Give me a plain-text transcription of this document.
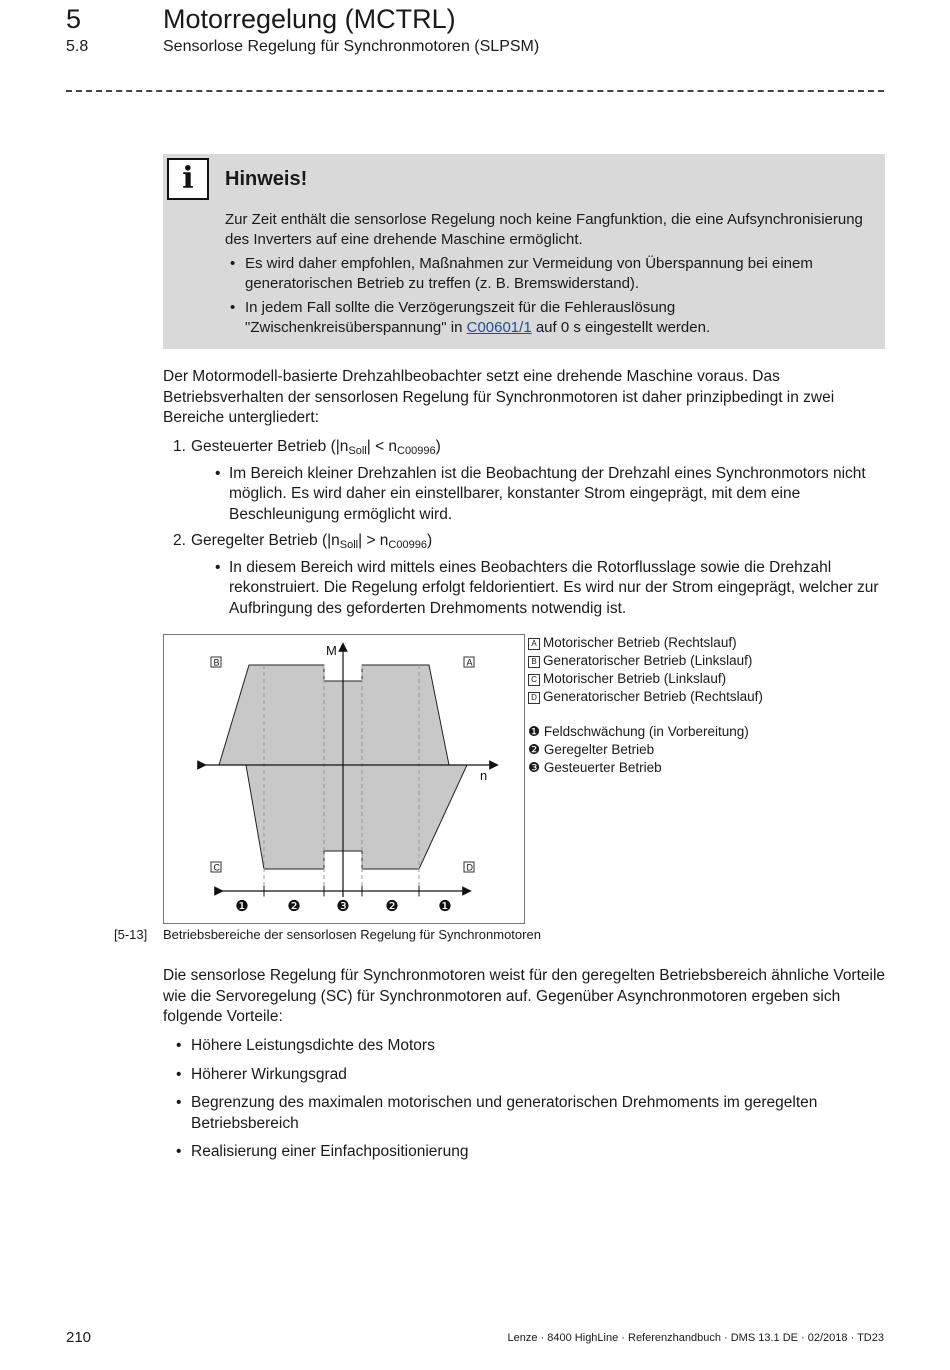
5	Motorregelung (MCTRL)
5.8	Sensorlose Regelung für Synchronmotoren (SLPSM)
i	Hinweis!

Zur Zeit enthält die sensorlose Regelung noch keine Fangfunktion, die eine Aufsynchronisierung des Inverters auf eine drehende Maschine ermöglicht.

• Es wird daher empfohlen, Maßnahmen zur Vermeidung von Überspannung bei einem generatorischen Betrieb zu treffen (z. B. Bremswiderstand).
• In jedem Fall sollte die Verzögerungszeit für die Fehlerauslösung "Zwischenkreisüberspannung" in C00601/1 auf 0 s eingestellt werden.
Der Motormodell-basierte Drehzahlbeobachter setzt eine drehende Maschine voraus. Das Betriebsverhalten der sensorlosen Regelung für Synchronmotoren ist daher prinzipbedingt in zwei Bereiche untergliedert:
1. Gesteuerter Betrieb $(|n_{Soll}| < n_{C00996})$
• Im Bereich kleiner Drehzahlen ist die Beobachtung der Drehzahl eines Synchronmotors nicht möglich. Es wird daher ein einstellbarer, konstanter Strom eingeprägt, mit dem eine Beschleunigung ermöglicht wird.
2. Geregelter Betrieb $(|n_{Soll}| > n_{C00996})$
• In diesem Bereich wird mittels eines Beobachters die Rotorflusslage sowie die Drehzahl rekonstruiert. Die Regelung erfolgt feldorientiert. Es wird nur der Strom eingeprägt, welcher zur Aufbringung des geforderten Drehmoments notwendig ist.
M
n
B	A
C	D
❶	❷ ❸ ❷	❶
A Motorischer Betrieb (Rechtslauf)
B Generatorischer Betrieb (Linkslauf)
C Motorischer Betrieb (Linkslauf)
D Generatorischer Betrieb (Rechtslauf)
❶ Feldschwächung (in Vorbereitung)
❷ Geregelter Betrieb
❸ Gesteuerter Betrieb
[5-13] Betriebsbereiche der sensorlosen Regelung für Synchronmotoren
Die sensorlose Regelung für Synchronmotoren weist für den geregelten Betriebsbereich ähnliche Vorteile wie die Servoregelung (SC) für Synchronmotoren auf. Gegenüber Asynchronmotoren ergeben sich folgende Vorteile:
• Höhere Leistungsdichte des Motors
• Höherer Wirkungsgrad
• Begrenzung des maximalen motorischen und generatorischen Drehmoments im geregelten Betriebsbereich
• Realisierung einer Einfachpositionierung
210	Lenze · 8400 HighLine · Referenzhandbuch · DMS 13.1 DE · 02/2018 · TD23
